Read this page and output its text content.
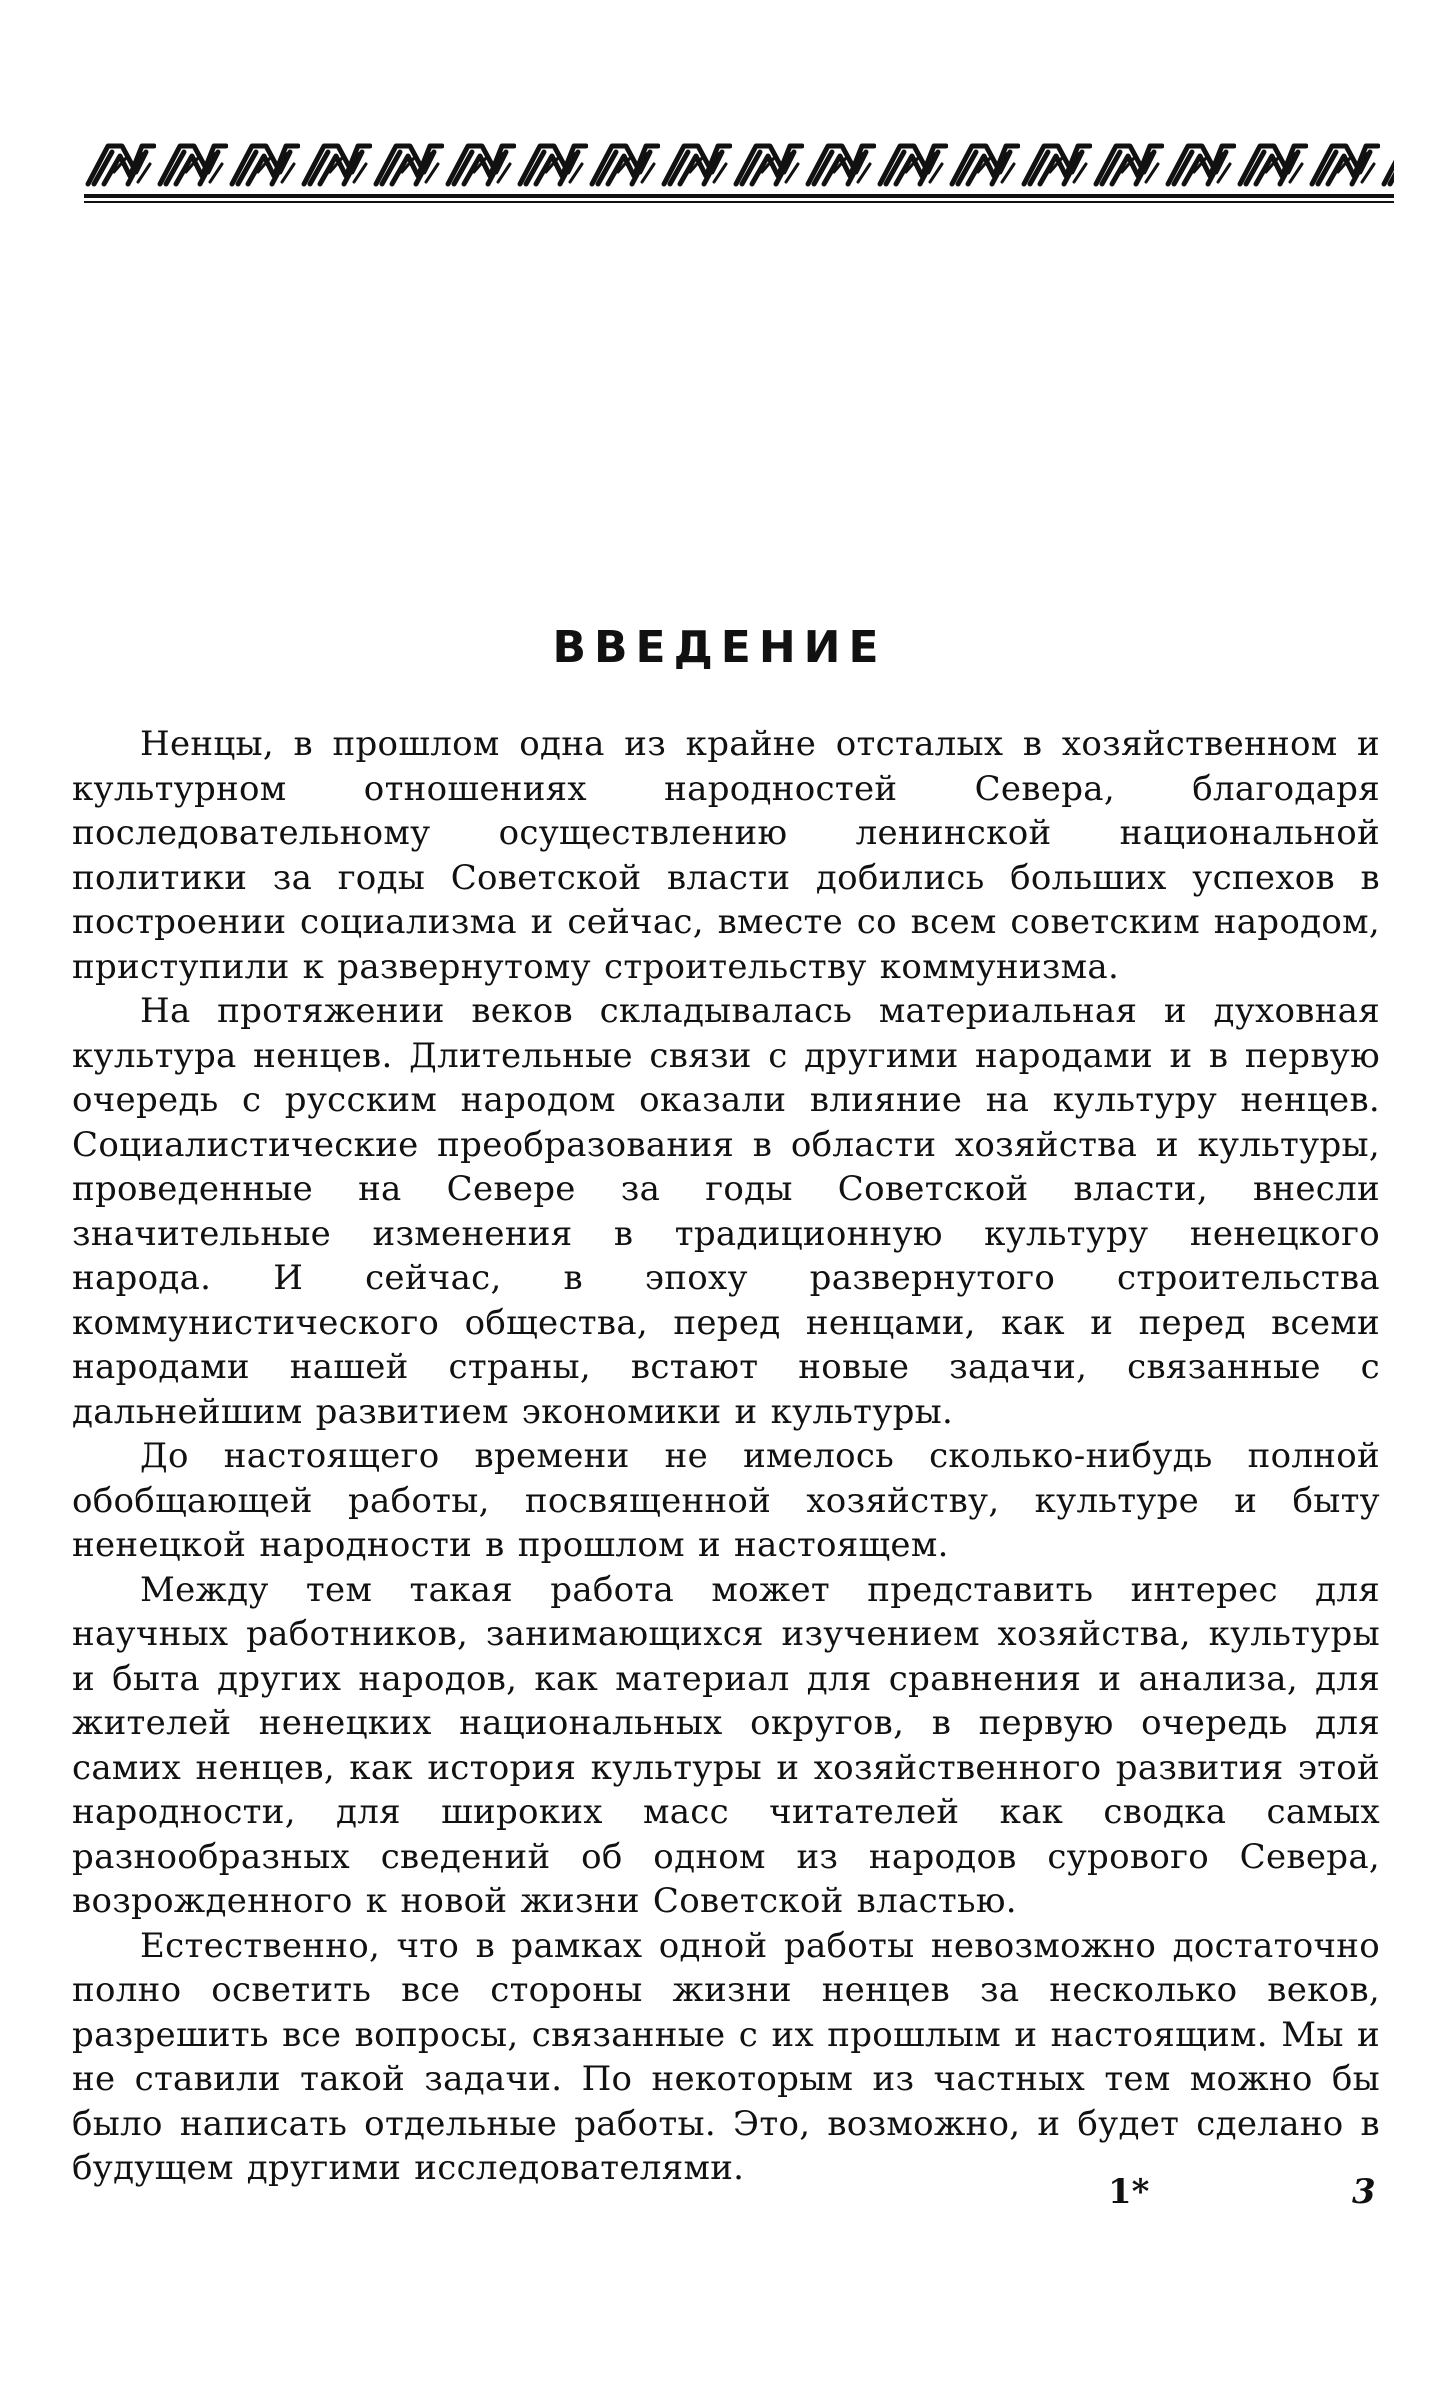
ВВЕДЕНИЕ

Ненцы, в прошлом одна из крайне отсталых в хозяйственном и культурном отношениях народностей Севера, благодаря последовательному осуществлению ленинской национальной политики за годы Советской власти добились больших успехов в построении социализма и сейчас, вместе со всем советским народом, приступили к развернутому строительству коммунизма.

На протяжении веков складывалась материальная и духовная культура ненцев. Длительные связи с другими народами и в первую очередь с русским народом оказали влияние на культуру ненцев. Социалистические преобразования в области хозяйства и культуры, проведенные на Севере за годы Советской власти, внесли значительные изменения в традиционную культуру ненецкого народа. И сейчас, в эпоху развернутого строительства коммунистического общества, перед ненцами, как и перед всеми народами нашей страны, встают новые задачи, связанные с дальнейшим развитием экономики и культуры.

До настоящего времени не имелось сколько-нибудь полной обобщающей работы, посвященной хозяйству, культуре и быту ненецкой народности в прошлом и настоящем.

Между тем такая работа может представить интерес для научных работников, занимающихся изучением хозяйства, культуры и быта других народов, как материал для сравнения и анализа, для жителей ненецких национальных округов, в первую очередь для самих ненцев, как история культуры и хозяйственного развития этой народности, для широких масс читателей как сводка самых разнообразных сведений об одном из народов сурового Севера, возрожденного к новой жизни Советской властью.

Естественно, что в рамках одной работы невозможно достаточно полно осветить все стороны жизни ненцев за несколько веков, разрешить все вопросы, связанные с их прошлым и настоящим. Мы и не ставили такой задачи. По некоторым из частных тем можно бы было написать отдельные работы. Это, возможно, и будет сделано в будущем другими исследователями.

1*	3
